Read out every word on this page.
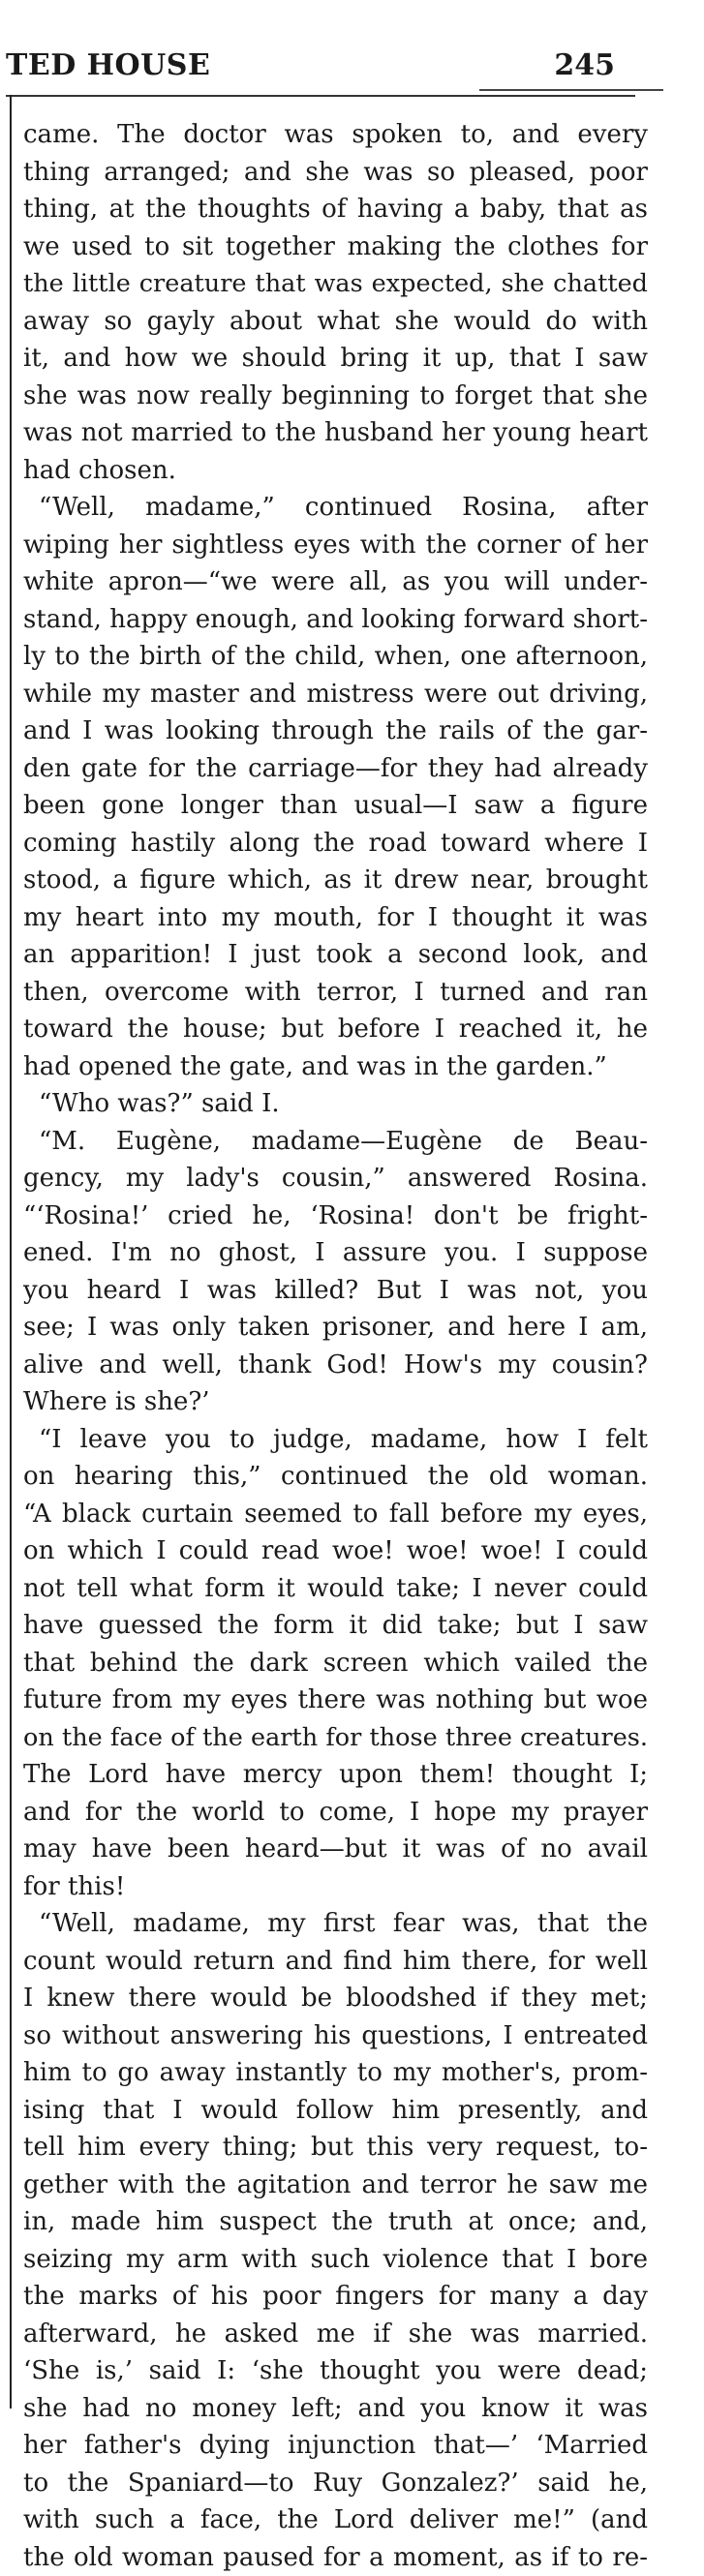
TED HOUSE	245
came. The doctor was spoken to, and every
thing arranged; and she was so pleased, poor
thing, at the thoughts of having a baby, that as
we used to sit together making the clothes for
the little creature that was expected, she chatted
away so gayly about what she would do with
it, and how we should bring it up, that I saw
she was now really beginning to forget that she
was not married to the husband her young heart
had chosen.
“Well, madame,” continued Rosina, after
wiping her sightless eyes with the corner of her
white apron—“we were all, as you will under-
stand, happy enough, and looking forward short-
ly to the birth of the child, when, one afternoon,
while my master and mistress were out driving,
and I was looking through the rails of the gar-
den gate for the carriage—for they had already
been gone longer than usual—I saw a figure
coming hastily along the road toward where I
stood, a figure which, as it drew near, brought
my heart into my mouth, for I thought it was
an apparition! I just took a second look, and
then, overcome with terror, I turned and ran
toward the house; but before I reached it, he
had opened the gate, and was in the garden.”
“Who was?” said I.
“M. Eugène, madame—Eugène de Beau-
gency, my lady's cousin,” answered Rosina.
“‘Rosina!’ cried he, ‘Rosina! don't be fright-
ened. I'm no ghost, I assure you. I suppose
you heard I was killed? But I was not, you
see; I was only taken prisoner, and here I am,
alive and well, thank God! How's my cousin?
Where is she?’
“I leave you to judge, madame, how I felt
on hearing this,” continued the old woman.
“A black curtain seemed to fall before my eyes,
on which I could read woe! woe! woe! I could
not tell what form it would take; I never could
have guessed the form it did take; but I saw
that behind the dark screen which vailed the
future from my eyes there was nothing but woe
on the face of the earth for those three creatures.
The Lord have mercy upon them! thought I;
and for the world to come, I hope my prayer
may have been heard—but it was of no avail
for this!
“Well, madame, my first fear was, that the
count would return and find him there, for well
I knew there would be bloodshed if they met;
so without answering his questions, I entreated
him to go away instantly to my mother's, prom-
ising that I would follow him presently, and
tell him every thing; but this very request, to-
gether with the agitation and terror he saw me
in, made him suspect the truth at once; and,
seizing my arm with such violence that I bore
the marks of his poor fingers for many a day
afterward, he asked me if she was married.
‘She is,’ said I: ‘she thought you were dead;
she had no money left; and you know it was
her father's dying injunction that—’ ‘Married
to the Spaniard—to Ruy Gonzalez?’ said he,
with such a face, the Lord deliver me!” (and
the old woman paused for a moment, as if to re-
